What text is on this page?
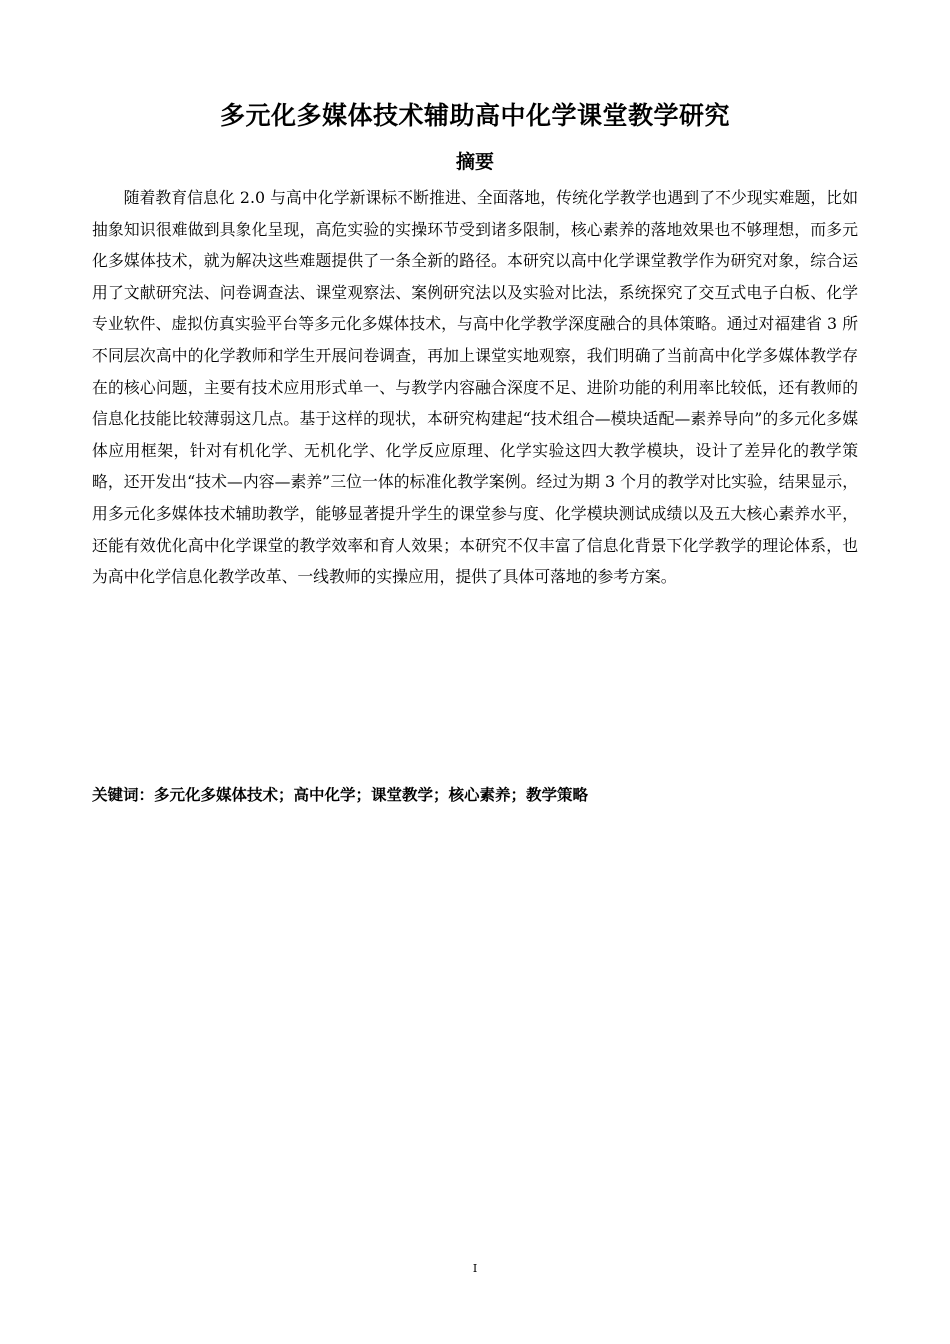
多元化多媒体技术辅助高中化学课堂教学研究
摘要

随着教育信息化 2.0 与高中化学新课标不断推进、全面落地，传统化学教学也遇到了不少现实难题，比如抽象知识很难做到具象化呈现，高危实验的实操环节受到诸多限制，核心素养的落地效果也不够理想，而多元化多媒体技术，就为解决这些难题提供了一条全新的路径。本研究以高中化学课堂教学作为研究对象，综合运用了文献研究法、问卷调查法、课堂观察法、案例研究法以及实验对比法，系统探究了交互式电子白板、化学专业软件、虚拟仿真实验平台等多元化多媒体技术，与高中化学教学深度融合的具体策略。通过对福建省 3 所不同层次高中的化学教师和学生开展问卷调查，再加上课堂实地观察，我们明确了当前高中化学多媒体教学存在的核心问题，主要有技术应用形式单一、与教学内容融合深度不足、进阶功能的利用率比较低，还有教师的信息化技能比较薄弱这几点。基于这样的现状，本研究构建起“技术组合—模块适配—素养导向”的多元化多媒体应用框架，针对有机化学、无机化学、化学反应原理、化学实验这四大教学模块，设计了差异化的教学策略，还开发出“技术—内容—素养”三位一体的标准化教学案例。经过为期 3 个月的教学对比实验，结果显示，用多元化多媒体技术辅助教学，能够显著提升学生的课堂参与度、化学模块测试成绩以及五大核心素养水平，还能有效优化高中化学课堂的教学效率和育人效果；本研究不仅丰富了信息化背景下化学教学的理论体系，也为高中化学信息化教学改革、一线教师的实操应用，提供了具体可落地的参考方案。

关键词：多元化多媒体技术；高中化学；课堂教学；核心素养；教学策略
I
